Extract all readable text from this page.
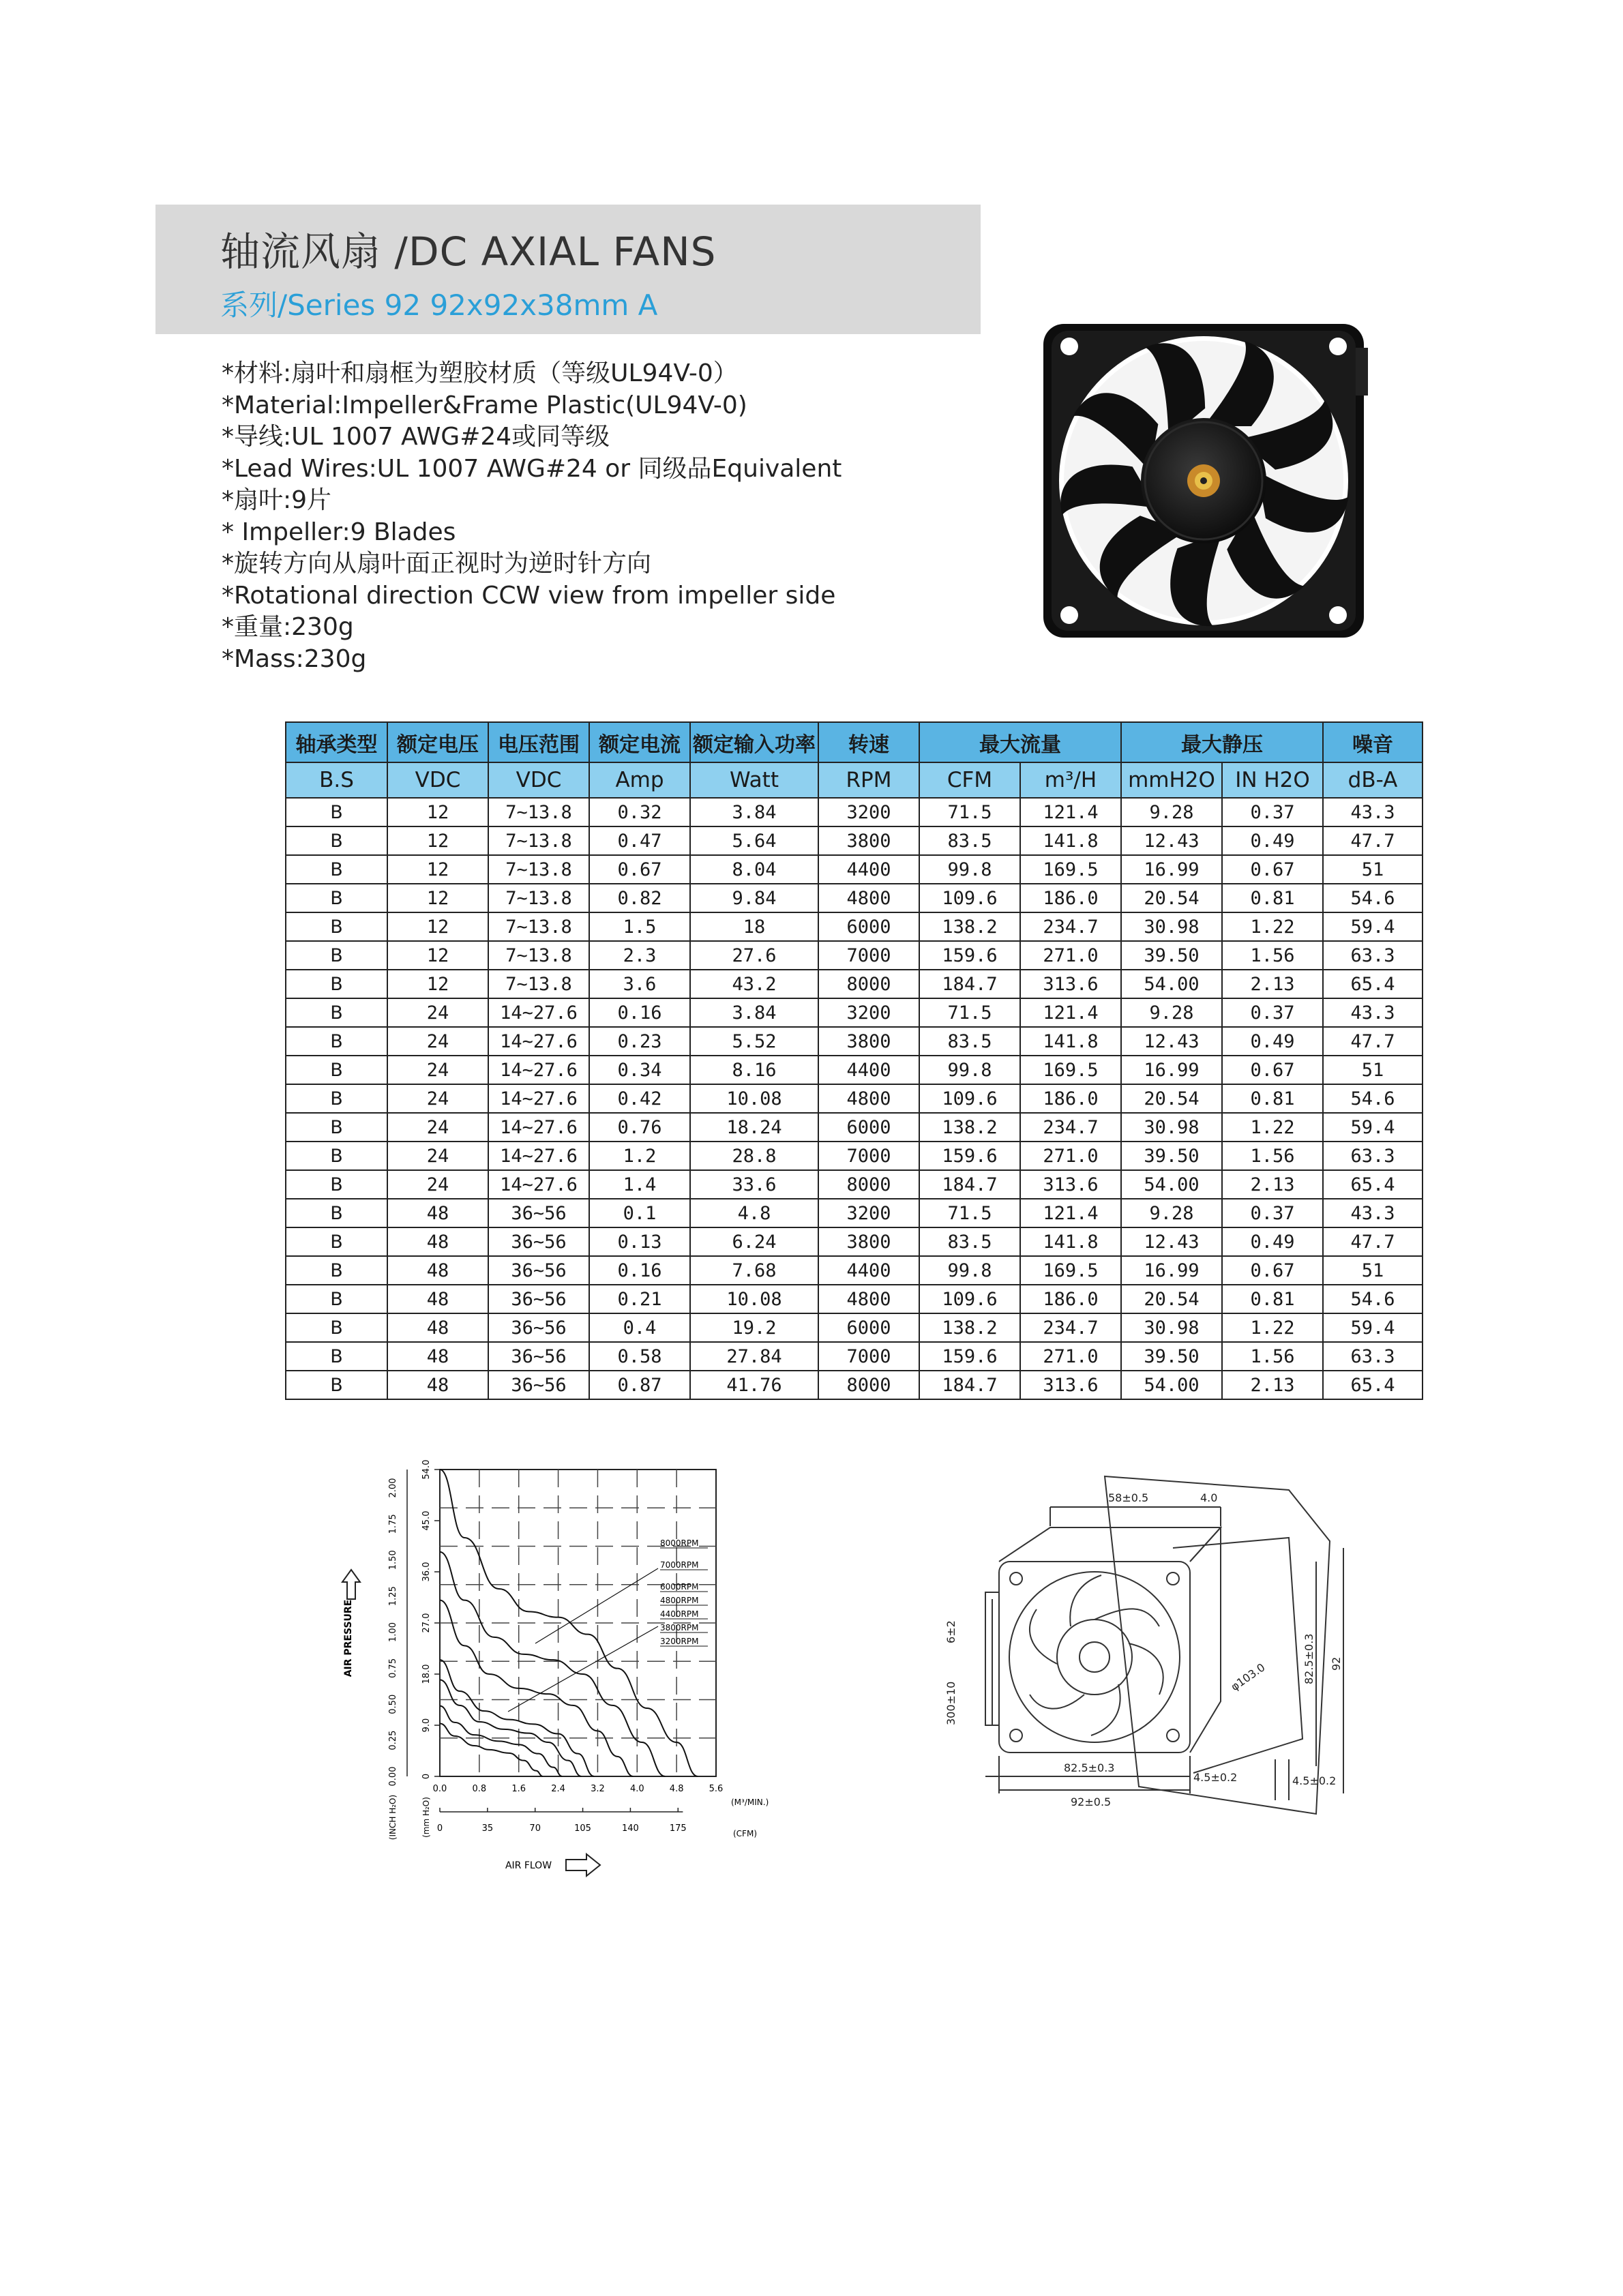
轴流风扇 /DC AXIAL FANS
系列/Series 92 92x92x38mm A
*材料:扇叶和扇框为塑胶材质（等级UL94V-0）
*Material:Impeller&Frame Plastic(UL94V-0)
*导线:UL 1007 AWG#24或同等级
*Lead Wires:UL 1007 AWG#24 or 同级品Equivalent
*扇叶:9片
* Impeller:9 Blades
*旋转方向从扇叶面正视时为逆时针方向
*Rotational direction CCW view from impeller side
*重量:230g
*Mass:230g
轴承类型	额定电压	电压范围	额定电流	额定输入功率	转速	最大流量		最大静压		噪音
B.S	VDC	VDC	Amp	Watt	RPM	CFM	m³/H	mmH2O	IN H2O	dB-A
B	12	7~13.8	0.32	3.84	3200	71.5	121.4	9.28	0.37	43.3
B	12	7~13.8	0.47	5.64	3800	83.5	141.8	12.43	0.49	47.7
B	12	7~13.8	0.67	8.04	4400	99.8	169.5	16.99	0.67	51
B	12	7~13.8	0.82	9.84	4800	109.6	186.0	20.54	0.81	54.6
B	12	7~13.8	1.5	18	6000	138.2	234.7	30.98	1.22	59.4
B	12	7~13.8	2.3	27.6	7000	159.6	271.0	39.50	1.56	63.3
B	12	7~13.8	3.6	43.2	8000	184.7	313.6	54.00	2.13	65.4
B	24	14~27.6	0.16	3.84	3200	71.5	121.4	9.28	0.37	43.3
B	24	14~27.6	0.23	5.52	3800	83.5	141.8	12.43	0.49	47.7
B	24	14~27.6	0.34	8.16	4400	99.8	169.5	16.99	0.67	51
B	24	14~27.6	0.42	10.08	4800	109.6	186.0	20.54	0.81	54.6
B	24	14~27.6	0.76	18.24	6000	138.2	234.7	30.98	1.22	59.4
B	24	14~27.6	1.2	28.8	7000	159.6	271.0	39.50	1.56	63.3
B	24	14~27.6	1.4	33.6	8000	184.7	313.6	54.00	2.13	65.4
B	48	36~56	0.1	4.8	3200	71.5	121.4	9.28	0.37	43.3
B	48	36~56	0.13	6.24	3800	83.5	141.8	12.43	0.49	47.7
B	48	36~56	0.16	7.68	4400	99.8	169.5	16.99	0.67	51
B	48	36~56	0.21	10.08	4800	109.6	186.0	20.54	0.81	54.6
B	48	36~56	0.4	19.2	6000	138.2	234.7	30.98	1.22	59.4
B	48	36~56	0.58	27.84	7000	159.6	271.0	39.50	1.56	63.3
B	48	36~56	0.87	41.76	8000	184.7	313.6	54.00	2.13	65.4
0
9.0
18.0
27.0
36.0
45.0
54.0
0.00
0.25
0.50
0.75
1.00
1.25
1.50
1.75
2.00
(mm H₂O)
(INCH H₂O)
AIR PRESSURE
0.0	0.8	1.6	2.4	3.2	4.0	4.8	5.6
(M³/MIN.)
0	35	70	105	140	175	(CFM)
AIR FLOW
8000RPM
7000RPM
6000RPM
4800RPM
4400RPM
3800RPM
3200RPM
58±0.5	4.0
6±2
300±10
82.5±0.3
92±0.5
4.5±0.2	4.5±0.2
82.5±0.3 92
φ103.0
